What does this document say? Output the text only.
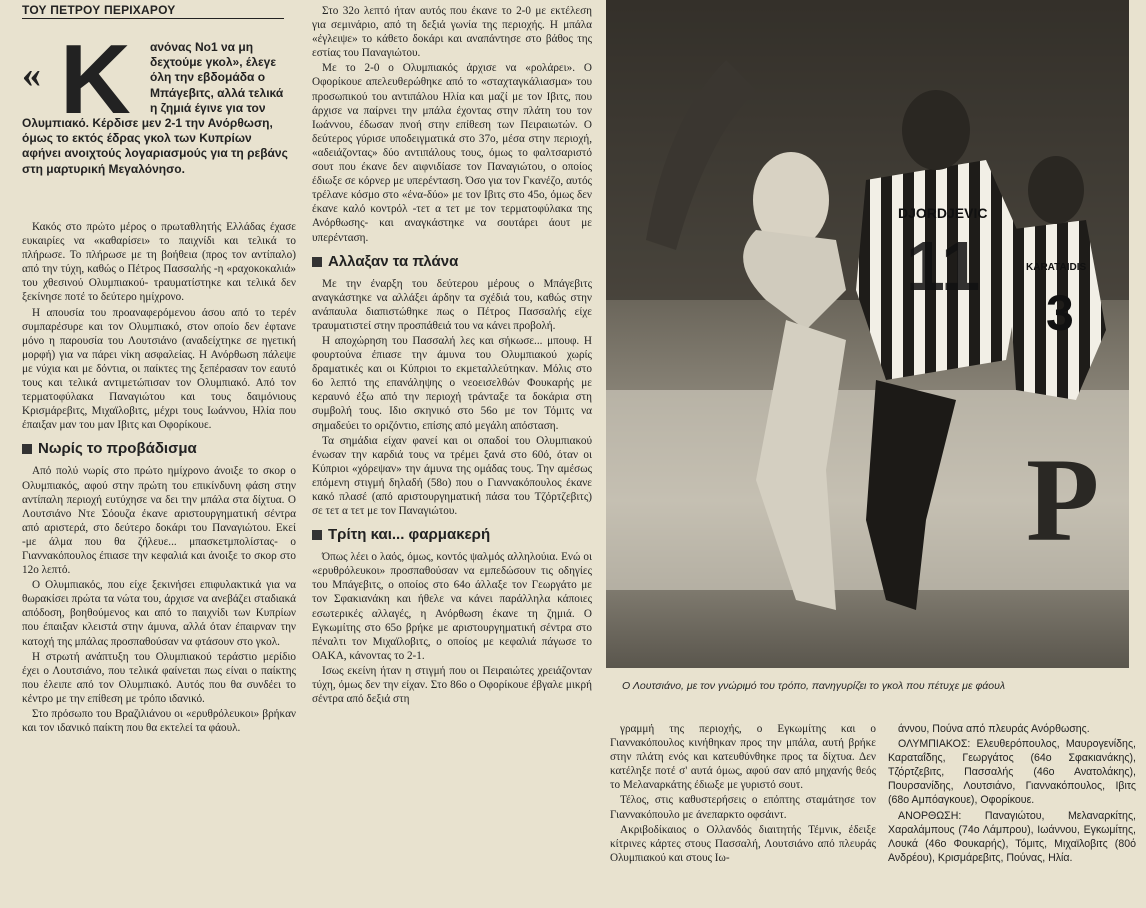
ΤΟΥ ΠΕΤΡΟΥ ΠΕΡΙΧΑΡΟΥ
« Κ ανόνας Νο1 να μη δεχτούμε γκολ», έλεγε όλη την εβδομάδα ο Μπάγεβιτς, αλλά τελικά η ζημιά έγινε για τον
Ολυμπιακό. Κέρδισε μεν 2-1 την Ανόρθωση, όμως το εκτός έδρας γκολ των Κυπρίων αφήνει ανοιχτούς λογαριασμούς για τη ρεβάνς στη μαρτυρική Μεγαλόνησο.

Κακός στο πρώτο μέρος ο πρωταθλητής Ελλάδας έχασε ευκαιρίες να «καθαρίσει» το παιχνίδι και τελικά το πλήρωσε. Το πλήρωσε με τη βοήθεια (προς τον αντίπαλο) από την τύχη, καθώς ο Πέτρος Πασσαλής -η «ραχοκοκαλιά» του χθεσινού Ολυμπιακού- τραυματίστηκε και τελικά δεν ξεκίνησε ποτέ το δεύτερο ημίχρονο.

Η απουσία του προαναφερόμενου άσου από το τερέν συμπαρέσυρε και τον Ολυμπιακό, στον οποίο δεν έφτανε μόνο η παρουσία του Λουτσιάνο (αναδείχτηκε σε ηγετική μορφή) για να πάρει νίκη ασφαλείας. Η Ανόρθωση πάλεψε με νύχια και με δόντια, οι παίκτες της ξεπέρασαν τον εαυτό τους και τελικά αντιμετώπισαν τον Ολυμπιακό. Από τον τερματοφύλακα Παναγιώτου και τους δαιμόνιους Κρισμάρεβιτς, Μιχαϊλοβιτς, μέχρι τους Ιωάννου, Ηλία που έπαιξαν μαν του μαν Ιβιτς και Οφορίκουε.

Νωρίς το προβάδισμα

Από πολύ νωρίς στο πρώτο ημίχρονο άνοιξε το σκορ ο Ολυμπιακός, αφού στην πρώτη του επικίνδυνη φάση στην αντίπαλη περιοχή ευτύχησε να δει την μπάλα στα δίχτυα. Ο Λουτσιάνο Ντε Σόουζα έκανε αριστουργηματική σέντρα από αριστερά, στο δεύτερο δοκάρι του Παναγιώτου. Εκεί -με άλμα που θα ζήλευε... μπασκετμπολίστας- ο Γιαννακόπουλος έπιασε την κεφαλιά και άνοιξε το σκορ στο 12ο λεπτό.

Ο Ολυμπιακός, που είχε ξεκινήσει επιφυλακτικά για να θωρακίσει πρώτα τα νώτα του, άρχισε να ανεβάζει σταδιακά απόδοση, βοηθούμενος και από το παιχνίδι των Κυπρίων που έπαιξαν κλειστά στην άμυνα, αλλά όταν έπαιρναν την κατοχή της μπάλας προσπαθούσαν να φτάσουν στο γκολ.

Η στρωτή ανάπτυξη του Ολυμπιακού τεράστιο μερίδιο έχει ο Λουτσιάνο, που τελικά φαίνεται πως είναι ο παίκτης που έλειπε από τον Ολυμπιακό. Αυτός που θα συνδέει το κέντρο με την επίθεση με τρόπο ιδανικό.

Στο πρόσωπο του Βραζιλιάνου οι «ερυθρόλευκοι» βρήκαν και τον ιδανικό παίκτη που θα εκτελεί τα φάουλ.

Στο 32ο λεπτό ήταν αυτός που έκανε το 2-0 με εκτέλεση για σεμινάριο, από τη δεξιά γωνία της περιοχής. Η μπάλα «έγλειψε» το κάθετο δοκάρι και αναπάντησε στο βάθος της εστίας του Παναγιώτου.

Με το 2-0 ο Ολυμπιακός άρχισε να «ρολάρει». Ο Οφορίκουε απελευθερώθηκε από το «σταχταγκάλιασμα» του προσωπικού του αντιπάλου Ηλία και μαζί με τον Ιβιτς, που άρχισε να παίρνει την μπάλα έχοντας στην πλάτη του τον Ιωάννου, έδωσαν πνοή στην επίθεση των Πειραιωτών. Ο δεύτερος γύρισε υποδειγματικά στο 37ο, μέσα στην περιοχή, «αδειάζοντας» δύο αντιπάλους τους, όμως το φαλτσαριστό σουτ που έκανε δεν αιφνιδίασε τον Παναγιώτου, ο οποίος έδιωξε σε κόρνερ με υπερένταση. Όσο για τον Γκανέζο, αυτός τρέλανε κόσμο στο «ένα-δύο» με τον Ιβιτς στο 45ο, όμως δεν έκανε καλό κοντρόλ -τετ α τετ με τον τερματοφύλακα της Ανόρθωσης- και αναγκάστηκε να σουτάρει άουτ με υπερένταση.

Αλλαξαν τα πλάνα

Με την έναρξη του δεύτερου μέρους ο Μπάγεβιτς αναγκάστηκε να αλλάξει άρδην τα σχέδιά του, καθώς στην ανάπαυλα διαπιστώθηκε πως ο Πέτρος Πασσαλής είχε τραυματιστεί στην προσπάθειά του να κάνει προβολή.

Η αποχώρηση του Πασσαλή λες και σήκωσε... μπουφ. Η φουρτούνα έπιασε την άμυνα του Ολυμπιακού χωρίς δραματικές και οι Κύπριοι το εκμεταλλεύτηκαν. Μόλις στο 6ο λεπτό της επανάληψης ο νεοεισελθών Φουκαρής με κεραυνό έξω από την περιοχή τράνταξε τα δοκάρια στη συμβολή τους. Ιδιο σκηνικό στο 56ο με τον Τόμιτς να σημαδεύει το οριζόντιο, επίσης από μεγάλη απόσταση.

Τα σημάδια είχαν φανεί και οι οπαδοί του Ολυμπιακού ένωσαν την καρδιά τους να τρέμει ξανά στο 60ό, όταν οι Κύπριοι «χόρεψαν» την άμυνα της ομάδας τους. Την αμέσως επόμενη στιγμή δηλαδή (58ο) που ο Γιαννακόπουλος έκανε κακό πλασέ (από αριστουργηματική πάσα του Τζόρτζεβιτς) σε τετ α τετ με τον Παναγιώτου.

Τρίτη και... φαρμακερή

Όπως λέει ο λαός, όμως, κοντός ψαλμός αλληλούια. Ενώ οι «ερυθρόλευκοι» προσπαθούσαν να εμπεδώσουν τις οδηγίες του Μπάγεβιτς, ο οποίος στο 64ο άλλαξε τον Γεωργάτο με τον Σφακιανάκη και ήθελε να κάνει παράλληλα κάποιες εσωτερικές αλλαγές, η Ανόρθωση έκανε τη ζημιά. Ο Εγκωμίτης στο 65ο βρήκε με αριστουργηματική σέντρα στο πέναλτι τον Μιχαϊλοβιτς, ο οποίος με κεφαλιά πάγωσε το ΟΑΚΑ, κάνοντας το 2-1.

Ισως εκείνη ήταν η στιγμή που οι Πειραιώτες χρειάζονταν τύχη, όμως δεν την είχαν. Στο 86ο ο Οφορίκουε έβγαλε μικρή σέντρα από δεξιά στη

P
11
DJORDJEVIC
3
KARATAIDIS
Ο Λουτσιάνο, με τον γνώριμό του τρόπο, πανηγυρίζει το γκολ που πέτυχε με φάουλ

γραμμή της περιοχής, ο Εγκωμίτης και ο Γιαννακόπουλος κινήθηκαν προς την μπάλα, αυτή βρήκε στην πλάτη ενός και κατευθύνθηκε προς τα δίχτυα. Δεν κατέληξε ποτέ σ' αυτά όμως, αφού σαν από μηχανής θεός το Μελαναρκάτης έδιωξε με γυριστό σουτ.

Τέλος, στις καθυστερήσεις ο επόπτης σταμάτησε τον Γιαννακόπουλο με άνεπαρκτο οφσάιντ.

Ακριβοδίκαιος ο Ολλανδός διαιτητής Τέμνικ, έδειξε κίτρινες κάρτες στους Πασσαλή, Λουτσιάνο από πλευράς Ολυμπιακού και στους Ιω-

άννου, Πούνα από πλευράς Ανόρθωσης.

ΟΛΥΜΠΙΑΚΟΣ: Ελευθερόπουλος, Μαυρογενίδης, Καραταΐδης, Γεωργάτος (64ο Σφακιανάκης), Τζόρτζεβιτς, Πασσαλής (46ο Ανατολάκης), Πουρσανίδης, Λουτσιάνο, Γιαννακόπουλος, Ιβιτς (68ο Αμπόαγκουε), Οφορίκουε.

ΑΝΟΡΘΩΣΗ: Παναγιώτου, Μελαναρκίτης, Χαραλάμπους (74ο Λάμπρου), Ιωάννου, Εγκωμίτης, Λουκά (46ο Φουκαρής), Τόμιτς, Μιχαϊλοβιτς (80ό Ανδρέου), Κρισμάρεβιτς, Πούνας, Ηλία.
